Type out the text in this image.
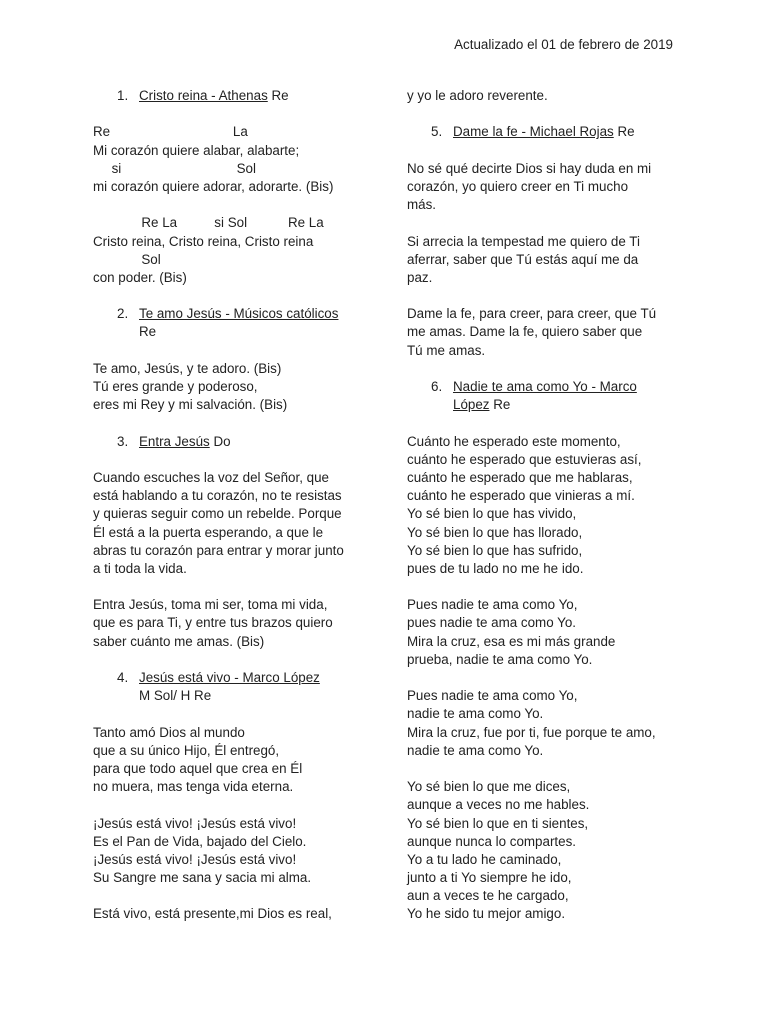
Actualizado el 01 de febrero de 2019
1. Cristo reina - Athenas Re
Re                                 La
Mi corazón quiere alabar, alabarte;
si                               Sol
mi corazón quiere adorar, adorarte. (Bis)
Re La          si Sol           Re La
Cristo reina, Cristo reina, Cristo reina
Sol
con poder. (Bis)
2. Te amo Jesús - Músicos católicos
Re
Te amo, Jesús, y te adoro. (Bis)
Tú eres grande y poderoso,
eres mi Rey y mi salvación. (Bis)
3. Entra Jesús Do
Cuando escuches la voz del Señor, que
está hablando a tu corazón, no te resistas
y quieras seguir como un rebelde. Porque
Él está a la puerta esperando, a que le
abras tu corazón para entrar y morar junto
a ti toda la vida.
Entra Jesús, toma mi ser, toma mi vida,
que es para Ti, y entre tus brazos quiero
saber cuánto me amas. (Bis)
4. Jesús está vivo - Marco López
M Sol/ H Re
Tanto amó Dios al mundo
que a su único Hijo, Él entregó,
para que todo aquel que crea en Él
no muera, mas tenga vida eterna.
¡Jesús está vivo! ¡Jesús está vivo!
Es el Pan de Vida, bajado del Cielo.
¡Jesús está vivo! ¡Jesús está vivo!
Su Sangre me sana y sacia mi alma.
Está vivo, está presente,mi Dios es real,
y yo le adoro reverente.
5. Dame la fe - Michael Rojas Re
No sé qué decirte Dios si hay duda en mi
corazón, yo quiero creer en Ti mucho
más.
Si arrecia la tempestad me quiero de Ti
aferrar, saber que Tú estás aquí me da
paz.
Dame la fe, para creer, para creer, que Tú
me amas. Dame la fe, quiero saber que
Tú me amas.
6. Nadie te ama como Yo - Marco
López Re
Cuánto he esperado este momento,
cuánto he esperado que estuvieras así,
cuánto he esperado que me hablaras,
cuánto he esperado que vinieras a mí.
Yo sé bien lo que has vivido,
Yo sé bien lo que has llorado,
Yo sé bien lo que has sufrido,
pues de tu lado no me he ido.
Pues nadie te ama como Yo,
pues nadie te ama como Yo.
Mira la cruz, esa es mi más grande
prueba, nadie te ama como Yo.
Pues nadie te ama como Yo,
nadie te ama como Yo.
Mira la cruz, fue por ti, fue porque te amo,
nadie te ama como Yo.
Yo sé bien lo que me dices,
aunque a veces no me hables.
Yo sé bien lo que en ti sientes,
aunque nunca lo compartes.
Yo a tu lado he caminado,
junto a ti Yo siempre he ido,
aun a veces te he cargado,
Yo he sido tu mejor amigo.
